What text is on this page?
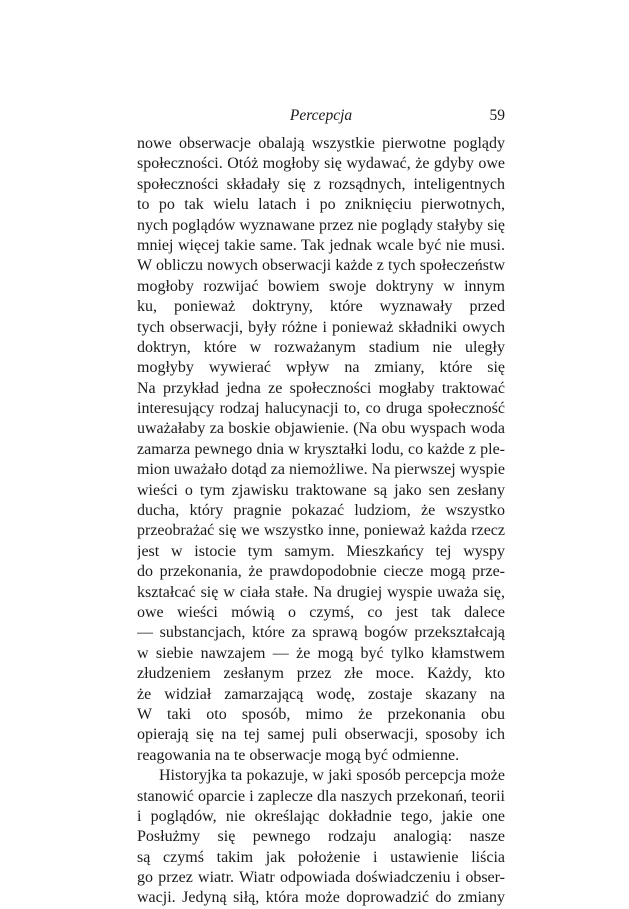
Percepcja	59
nowe obserwacje obalają wszystkie pierwotne poglądy
społeczności. Otóż mogłoby się wydawać, że gdyby owe
społeczności składały się z rozsądnych, inteligentnych
to po tak wielu latach i po zniknięciu pierwotnych,
nych poglądów wyznawane przez nie poglądy stałyby się
mniej więcej takie same. Tak jednak wcale być nie musi.
W obliczu nowych obserwacji każde z tych społeczeństw
mogłoby rozwijać bowiem swoje doktryny w innym
ku, ponieważ doktryny, które wyznawały przed
tych obserwacji, były różne i ponieważ składniki owych
doktryn, które w rozważanym stadium nie uległy
mogłyby wywierać wpływ na zmiany, które się
Na przykład jedna ze społeczności mogłaby traktować
interesujący rodzaj halucynacji to, co druga społeczność
uważałaby za boskie objawienie. (Na obu wyspach woda
zamarza pewnego dnia w kryształki lodu, co każde z ple-
mion uważało dotąd za niemożliwe. Na pierwszej wyspie
wieści o tym zjawisku traktowane są jako sen zesłany
ducha, który pragnie pokazać ludziom, że wszystko
przeobrażać się we wszystko inne, ponieważ każda rzecz
jest w istocie tym samym. Mieszkańcy tej wyspy
do przekonania, że prawdopodobnie ciecze mogą prze-
kształcać się w ciała stałe. Na drugiej wyspie uważa się,
owe wieści mówią o czymś, co jest tak dalece
— substancjach, które za sprawą bogów przekształcają
w siebie nawzajem — że mogą być tylko kłamstwem
złudzeniem zesłanym przez złe moce. Każdy, kto
że widział zamarzającą wodę, zostaje skazany na
W taki oto sposób, mimo że przekonania obu
opierają się na tej samej puli obserwacji, sposoby ich
reagowania na te obserwacje mogą być odmienne.
Historyjka ta pokazuje, w jaki sposób percepcja może
stanowić oparcie i zaplecze dla naszych przekonań, teorii
i poglądów, nie określając dokładnie tego, jakie one
Posłużmy się pewnego rodzaju analogią: nasze
są czymś takim jak położenie i ustawienie liścia
go przez wiatr. Wiatr odpowiada doświadczeniu i obser-
wacji. Jedyną siłą, która może doprowadzić do zmiany
